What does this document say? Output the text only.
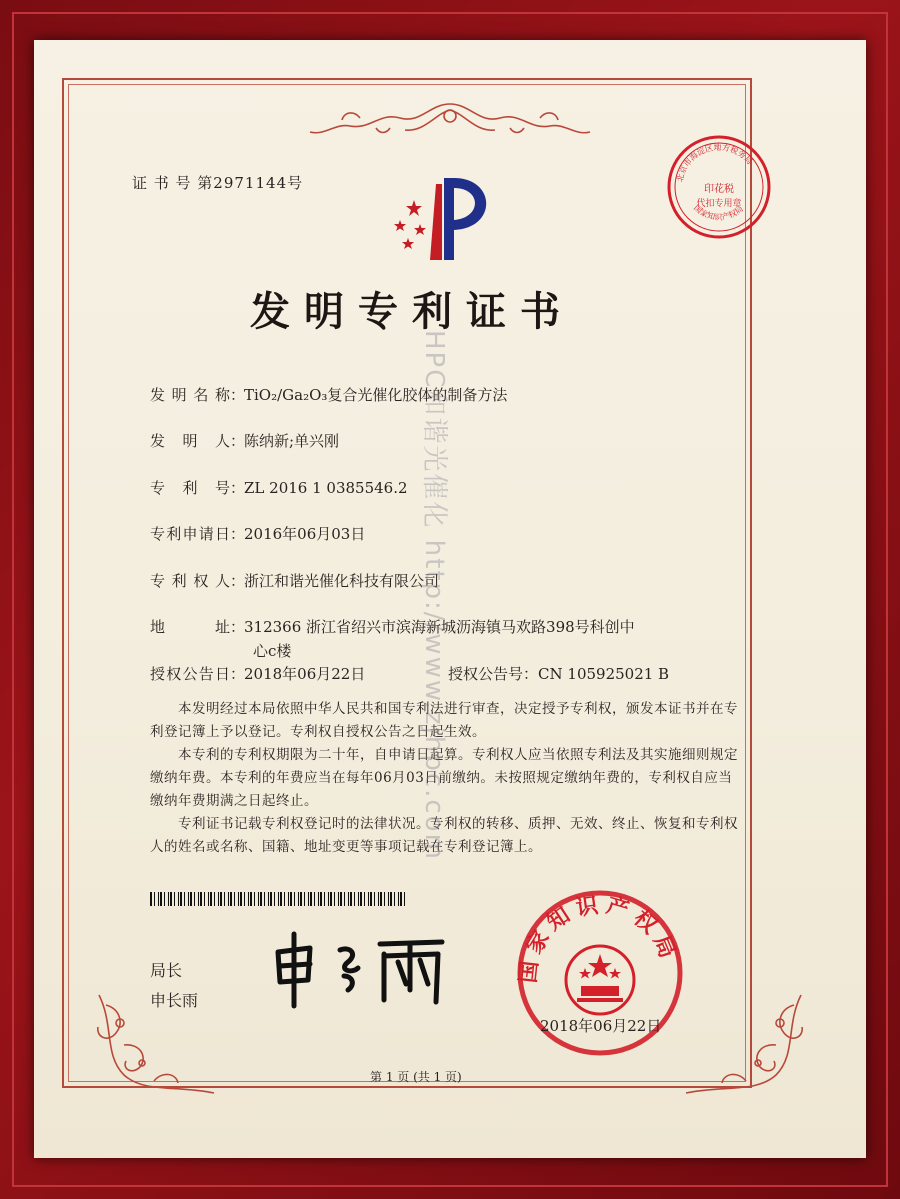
印花税
代扣专用章
北京市海淀区地方税务局
国家知识产权局
证 书 号 第2971144号
发明专利证书
发 明 名 称：TiO₂/Ga₂O₃复合光催化胶体的制备方法
发 明 人：陈纳新;单兴刚
专 利 号：ZL 2016 1 0385546.2
专利申请日：2016年06月03日
专 利 权 人：浙江和谐光催化科技有限公司
地 址：312366 浙江省绍兴市滨海新城沥海镇马欢路398号科创中
心c楼
授权公告日：2018年06月22日	授权公告号：CN 105925021 B
本发明经过本局依照中华人民共和国专利法进行审查，决定授予专利权，颁发本证书并在专利登记簿上予以登记。专利权自授权公告之日起生效。
本专利的专利权期限为二十年，自申请日起算。专利权人应当依照专利法及其实施细则规定缴纳年费。本专利的年费应当在每年06月03日前缴纳。未按照规定缴纳年费的，专利权自应当缴纳年费期满之日起终止。
专利证书记载专利权登记时的法律状况。专利权的转移、质押、无效、终止、恢复和专利权人的姓名或名称、国籍、地址变更等事项记载在专利登记簿上。
局长
申长雨
国家知识产权局
2018年06月22日
HPC和谐光催化 http://www.zjhpc.com
第 1 页 (共 1 页)
